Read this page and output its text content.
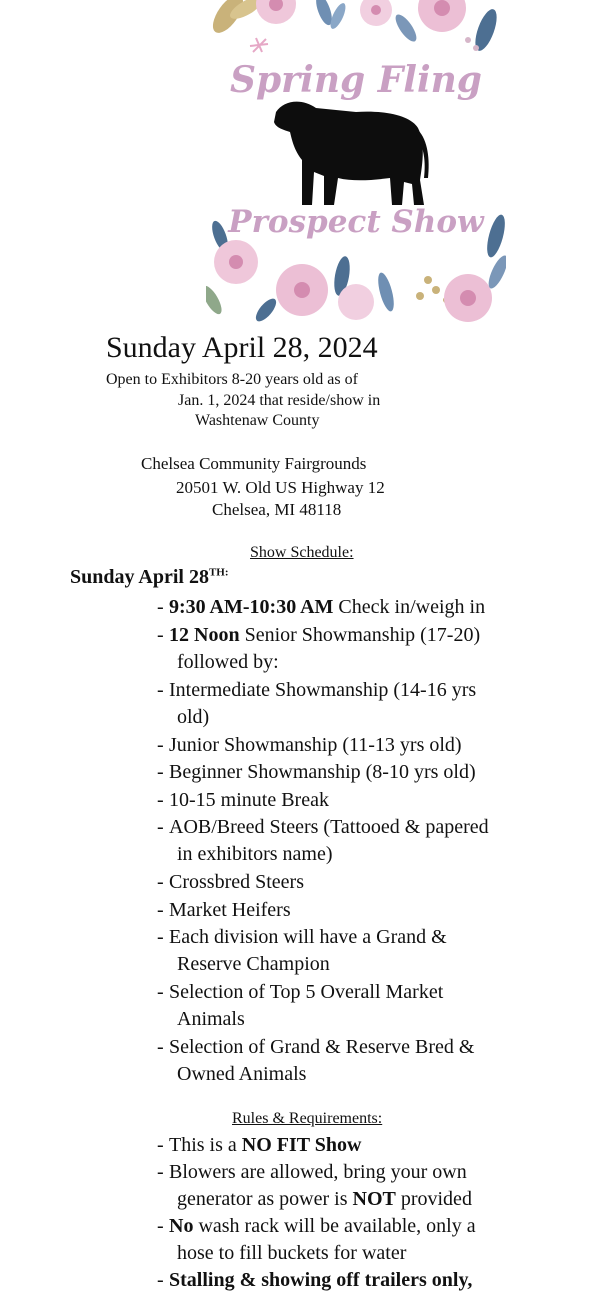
Spring Fling
Prospect Show
Sunday April 28, 2024
Open to Exhibitors 8-20 years old as of
Jan. 1, 2024 that reside/show in
Washtenaw County
Chelsea Community Fairgrounds
20501 W. Old US Highway 12
Chelsea, MI 48118
Show Schedule:
Sunday April $28^{TH:}$
- 9:30 AM-10:30 AM Check in/weigh in
- 12 Noon Senior Showmanship (17-20)
followed by:
- Intermediate Showmanship (14-16 yrs
old)
- Junior Showmanship (11-13 yrs old)
- Beginner Showmanship (8-10 yrs old)
- 10-15 minute Break
- AOB/Breed Steers (Tattooed & papered
in exhibitors name)
- Crossbred Steers
- Market Heifers
- Each division will have a Grand &
Reserve Champion
- Selection of Top 5 Overall Market
Animals
- Selection of Grand & Reserve Bred &
Owned Animals
Rules & Requirements:
- This is a NO FIT Show
- Blowers are allowed, bring your own
generator as power is NOT provided
- No wash rack will be available, only a
hose to fill buckets for water
- Stalling & showing off trailers only,
